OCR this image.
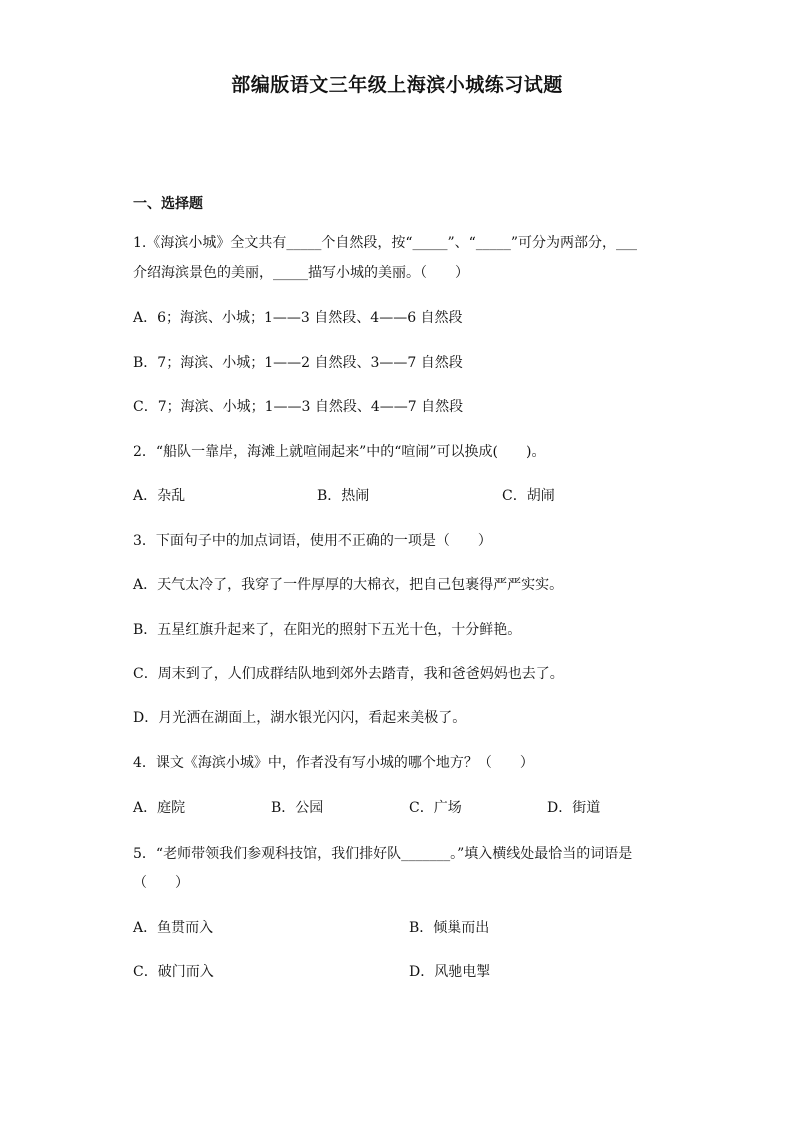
部编版语文三年级上海滨小城练习试题
一、选择题
1.《海滨小城》全文共有_____个自然段，按“_____”、“_____”可分为两部分，___
介绍海滨景色的美丽，_____描写小城的美丽。（　　）
A．6；海滨、小城；1——3 自然段、4——6 自然段
B．7；海滨、小城；1——2 自然段、3——7 自然段
C．7；海滨、小城；1——3 自然段、4——7 自然段
2．“船队一靠岸，海滩上就喧闹起来”中的“喧闹”可以换成(　　)。
A．杂乱	B．热闹	C．胡闹
3．下面句子中的加点词语，使用不正确的一项是（　　）
A．天气太冷了，我穿了一件厚厚的大棉衣，把自己包裹得严严实实。
B．五星红旗升起来了，在阳光的照射下五光十色，十分鲜艳。
C．周末到了，人们成群结队地到郊外去踏青，我和爸爸妈妈也去了。
D．月光洒在湖面上，湖水银光闪闪，看起来美极了。
4．课文《海滨小城》中，作者没有写小城的哪个地方？（　　）
A．庭院	B．公园	C．广场	D．街道
5．“老师带领我们参观科技馆，我们排好队_______。”填入横线处最恰当的词语是
（　　）
A．鱼贯而入	B．倾巢而出
C．破门而入	D．风驰电掣
